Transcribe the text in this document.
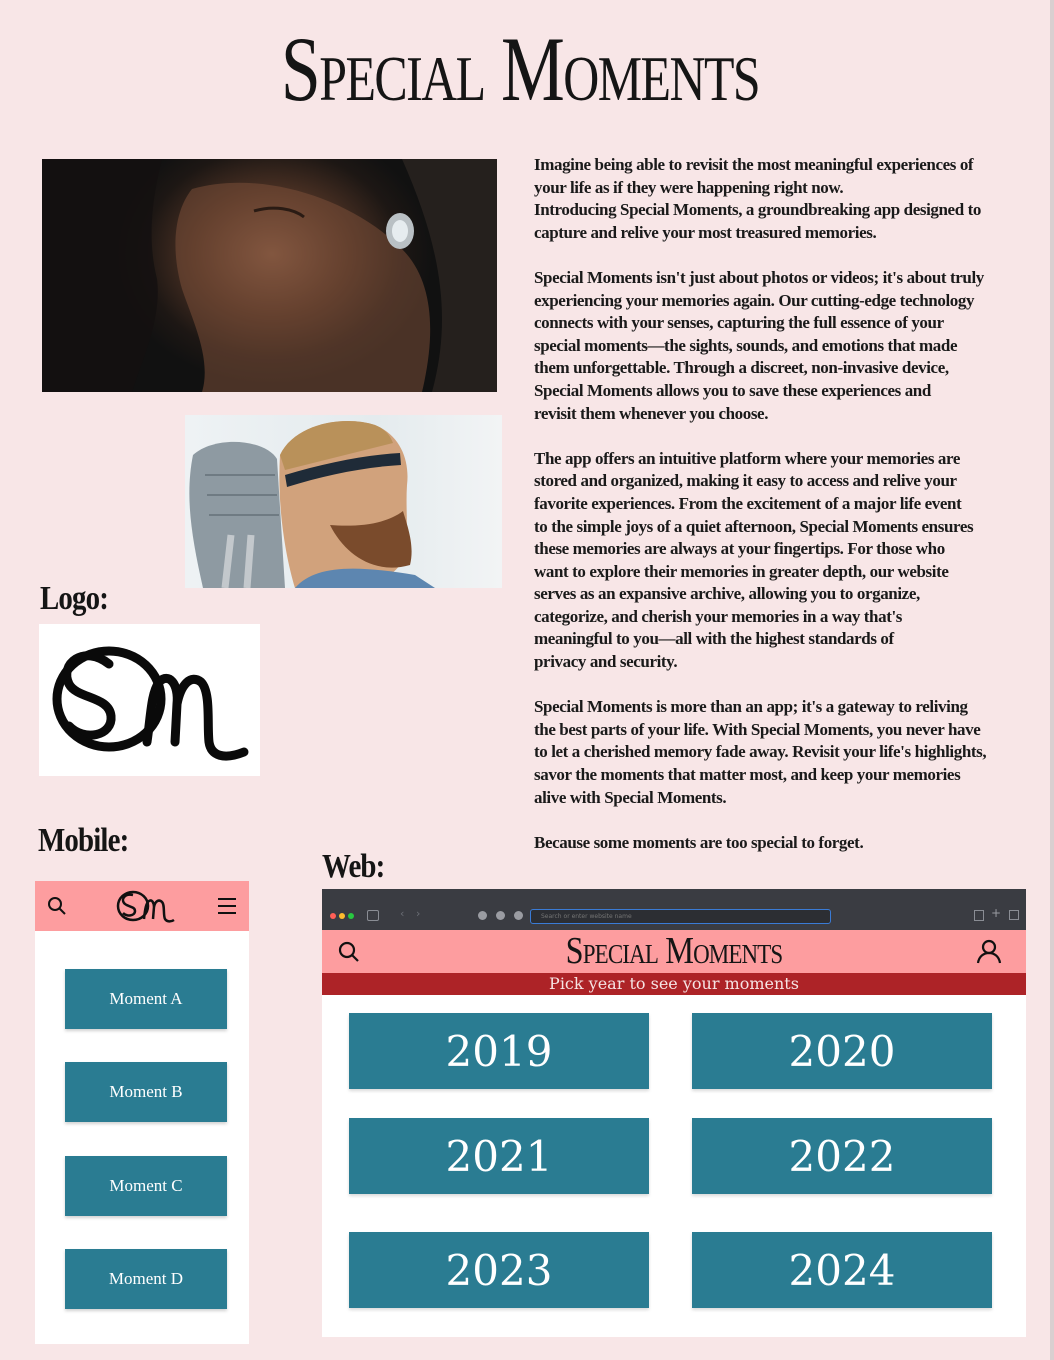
Special Moments

Imagine being able to revisit the most meaningful experiences of
your life as if they were happening right now.
Introducing Special Moments, a groundbreaking app designed to
capture and relive your most treasured memories.

Special Moments isn't just about photos or videos; it's about truly
experiencing your memories again. Our cutting-edge technology
connects with your senses, capturing the full essence of your
special moments—the sights, sounds, and emotions that made
them unforgettable. Through a discreet, non-invasive device,
Special Moments allows you to save these experiences and
revisit them whenever you choose.

The app offers an intuitive platform where your memories are
stored and organized, making it easy to access and relive your
favorite experiences. From the excitement of a major life event
to the simple joys of a quiet afternoon, Special Moments ensures
these memories are always at your fingertips. For those who
want to explore their memories in greater depth, our website
serves as an expansive archive, allowing you to organize,
categorize, and cherish your memories in a way that's
meaningful to you—all with the highest standards of
privacy and security.

Special Moments is more than an app; it's a gateway to reliving
the best parts of your life. With Special Moments, you never have
to let a cherished memory fade away. Revisit your life's highlights,
savor the moments that matter most, and keep your memories
alive with Special Moments.

Because some moments are too special to forget.

Logo:
Mobile:
Moment A
Moment B
Moment C
Moment D
Web:
‹ ›
Search or enter website name	+
Special Moments
Pick year to see your moments
2019	2020
2021	2022
2023	2024
